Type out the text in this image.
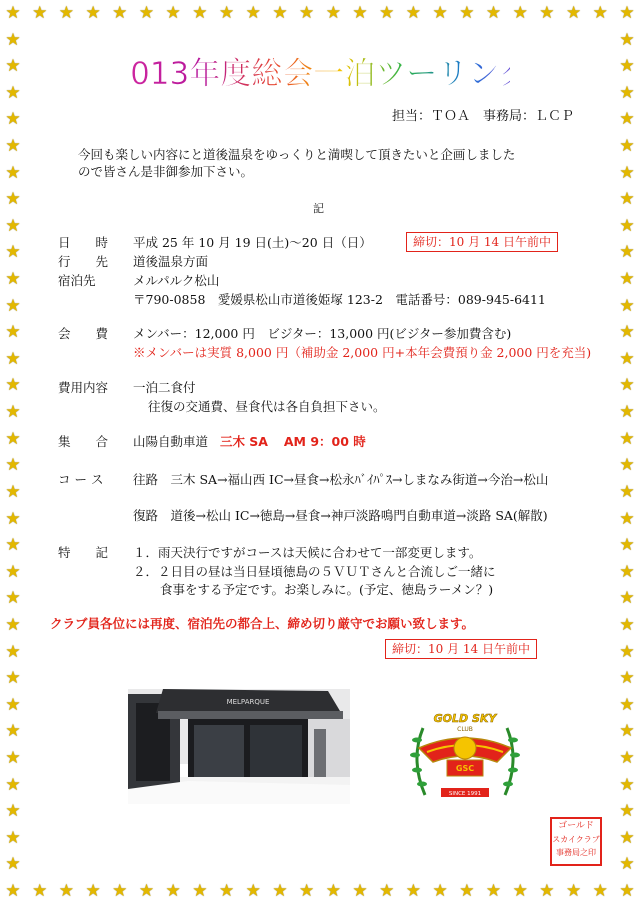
★
★
★
★
★
★
★
★
★
★
★
★
★
★
★
★
★
★
★
★
★
★
★
★
★
★
★
★
★
★
★
★
★
★
★
★
★
★
★
★
★
★
★
★
★
★
★
★
★	★
★	★
★	★
★	★
★	★
★	★
★	★
★	★
★	★
★	★
★	★
★	★
★	★
★	★
★	★
★	★
★	★
★	★
★	★
★	★
★	★
★	★
★	★
★	★
★	★
★	★
★	★
★	★
★	★
★	★
★	★
★	★
2013年度総会一泊ツーリング
担当：ＴＯＡ　事務局：ＬＣＰ
今回も楽しい内容にと道後温泉をゆっくりと満喫して頂きたいと企画しました
ので皆さん是非御参加下さい。
記
日　　時 平成 25 年 10 月 19 日(土)〜20 日（日）	締切：10 月 14 日午前中
行　　先 道後温泉方面
宿泊先	メルパルク松山
〒790-0858　愛媛県松山市道後姫塚 123-2　電話番号：089-945-6411
会　　費 メンバー：12,000 円　ビジター：13,000 円(ビジター参加費含む)
※メンバーは実質 8,000 円（補助金 2,000 円+本年会費預り金 2,000 円を充当)
費用内容 一泊二食付
往復の交通費、昼食代は各自負担下さい。
集　　合 山陽自動車道 三木 SA AM 9：00 時
コ ー ス 往路　三木 SA→福山西 IC→昼食→松永ﾊﾞｲﾊﾟｽ→しまなみ街道→今治→松山
復路　道後→松山 IC→徳島→昼食→神戸淡路鳴門自動車道→淡路 SA(解散)
特　　記 １．雨天決行ですがコースは天候に合わせて一部変更します。
２．２日目の昼は当日昼頃徳島の５ＶＵＴさんと合流しご一緒に
食事をする予定です。お楽しみに。(予定、徳島ラーメン？)
クラブ員各位には再度、宿泊先の都合上、締め切り厳守でお願い致します。
締切：10 月 14 日午前中
MELPARQUE
GOLD SKY
CLUB
GSC
SINCE 1991
ゴールド
スカイクラブ
事務局之印
